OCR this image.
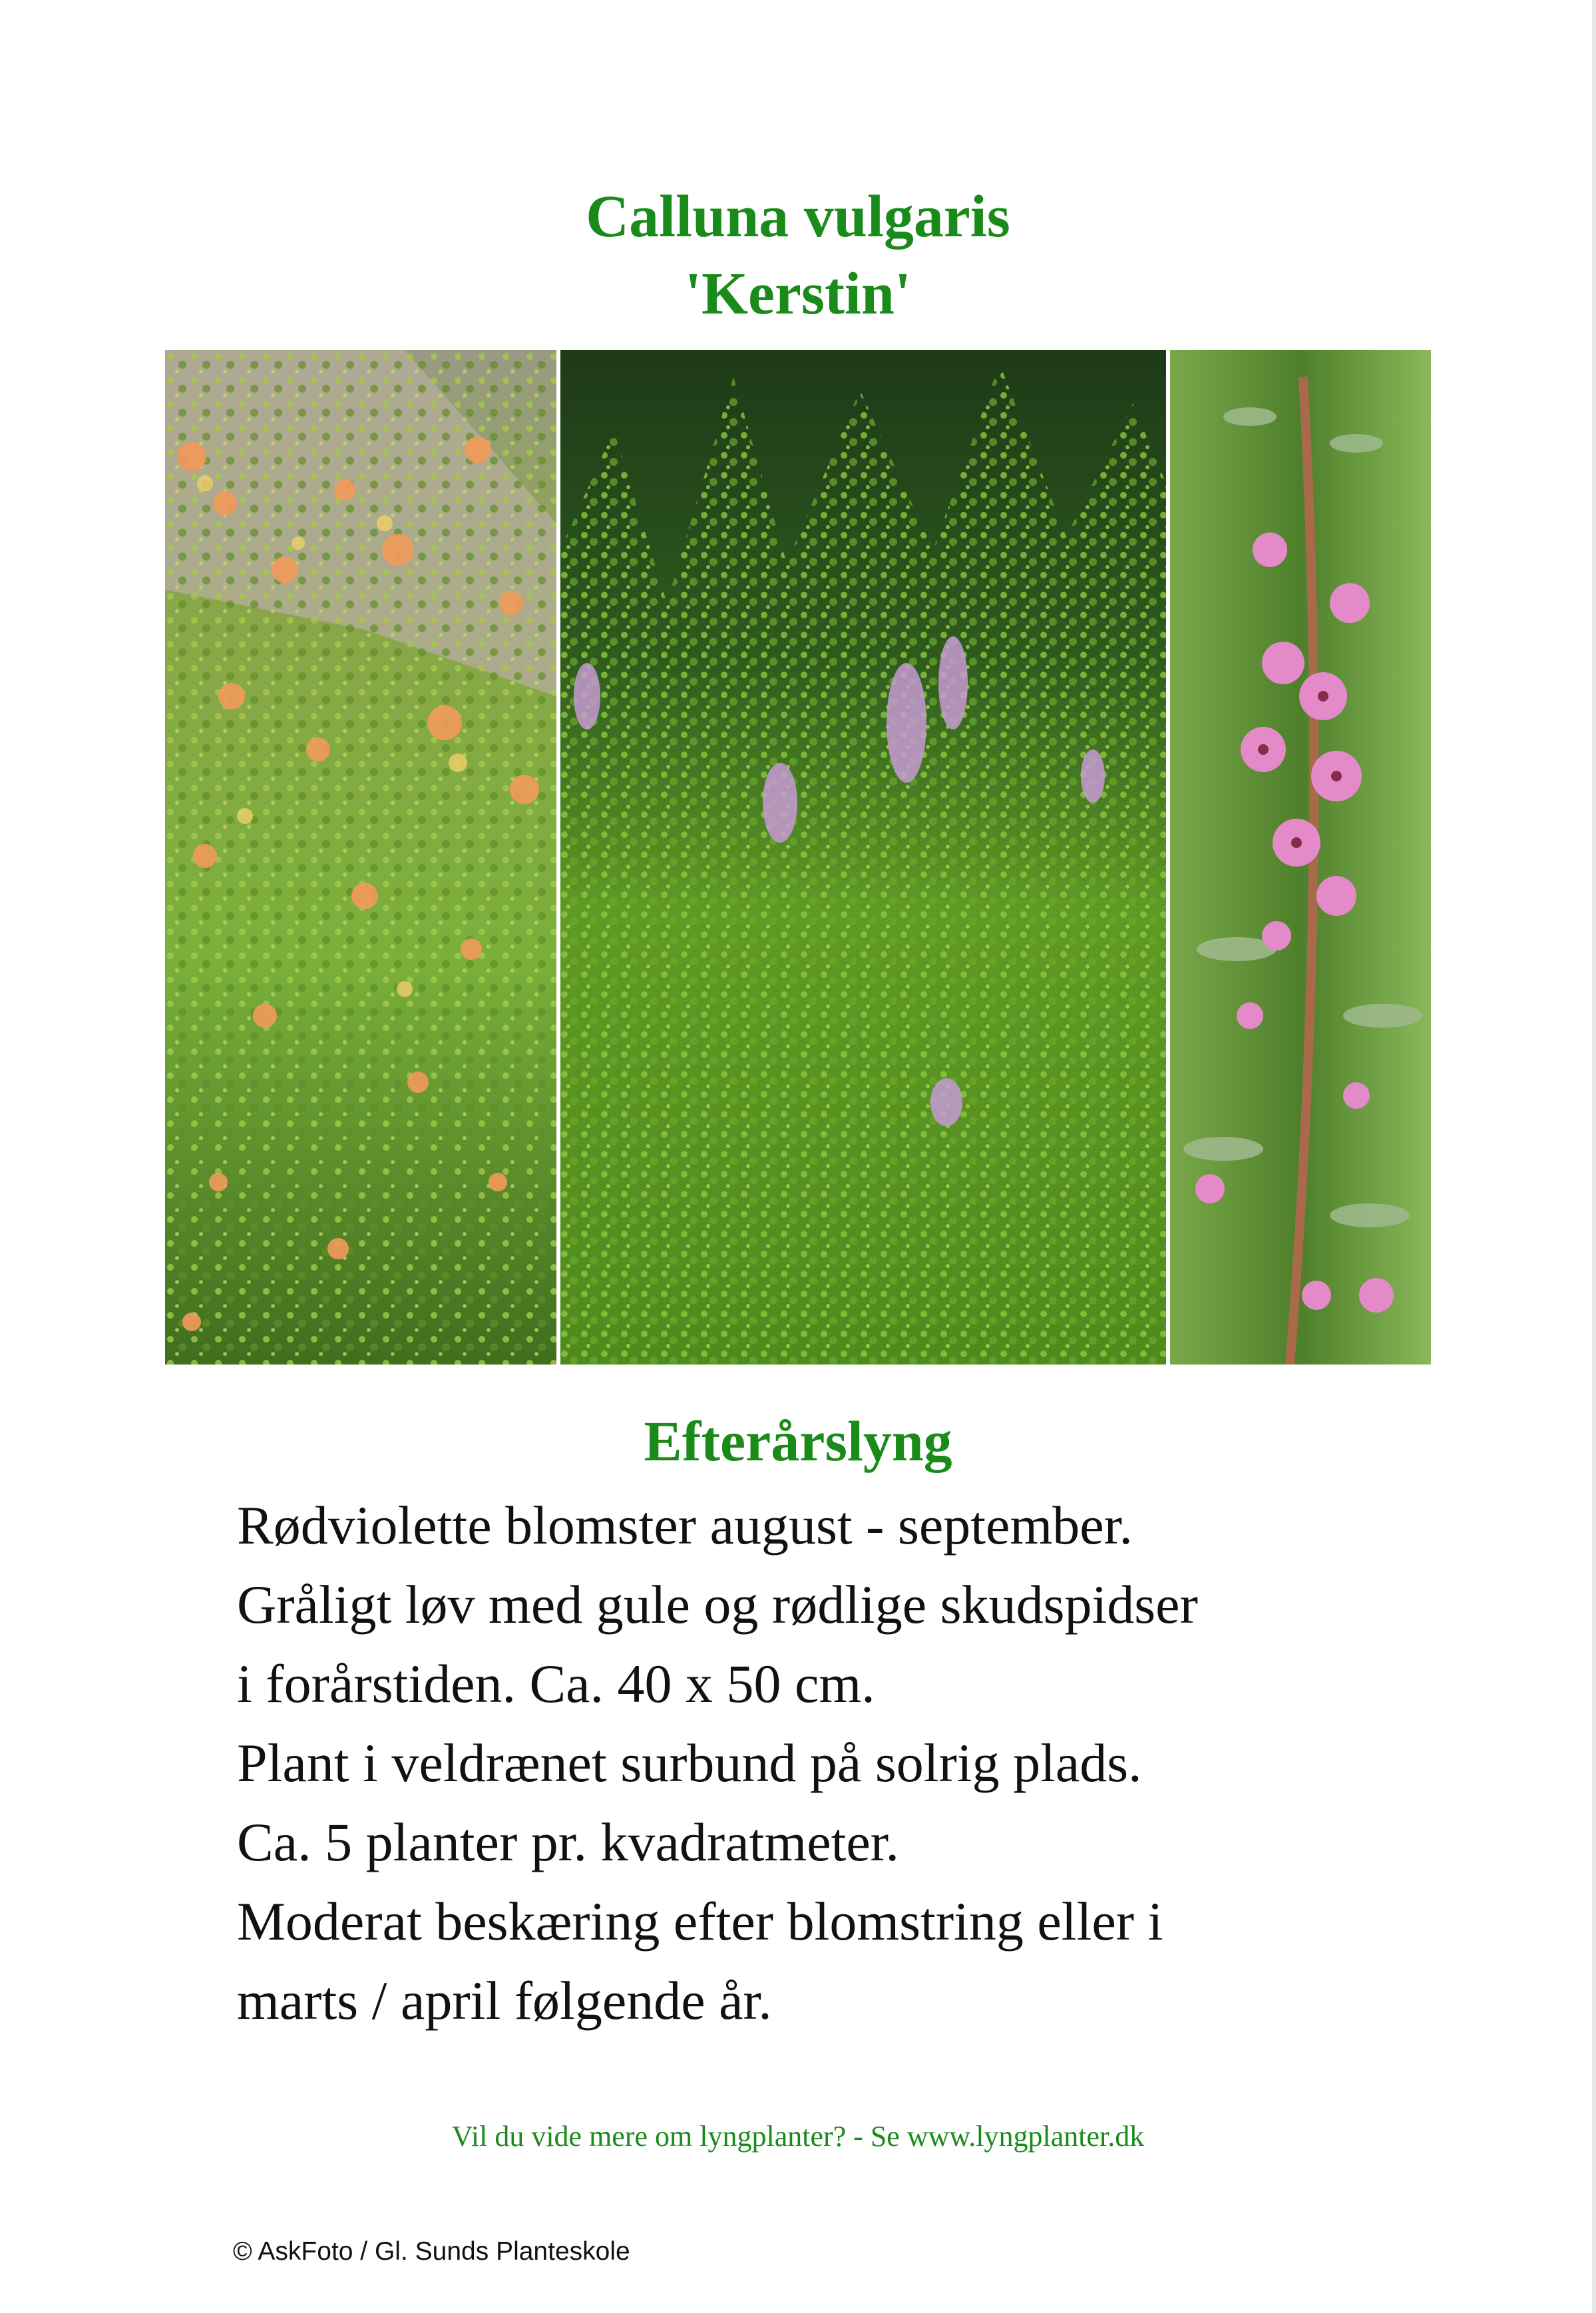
Calluna vulgaris
'Kerstin'
Efterårslyng
Rødviolette blomster august - september.
Gråligt løv med gule og rødlige skudspidser
i forårstiden. Ca. 40 x 50 cm.
Plant i veldrænet surbund på solrig plads.
Ca. 5 planter pr. kvadratmeter.
Moderat beskæring efter blomstring eller i
marts / april følgende år.
Vil du vide mere om lyngplanter? - Se www.lyngplanter.dk
© AskFoto / Gl. Sunds Planteskole
